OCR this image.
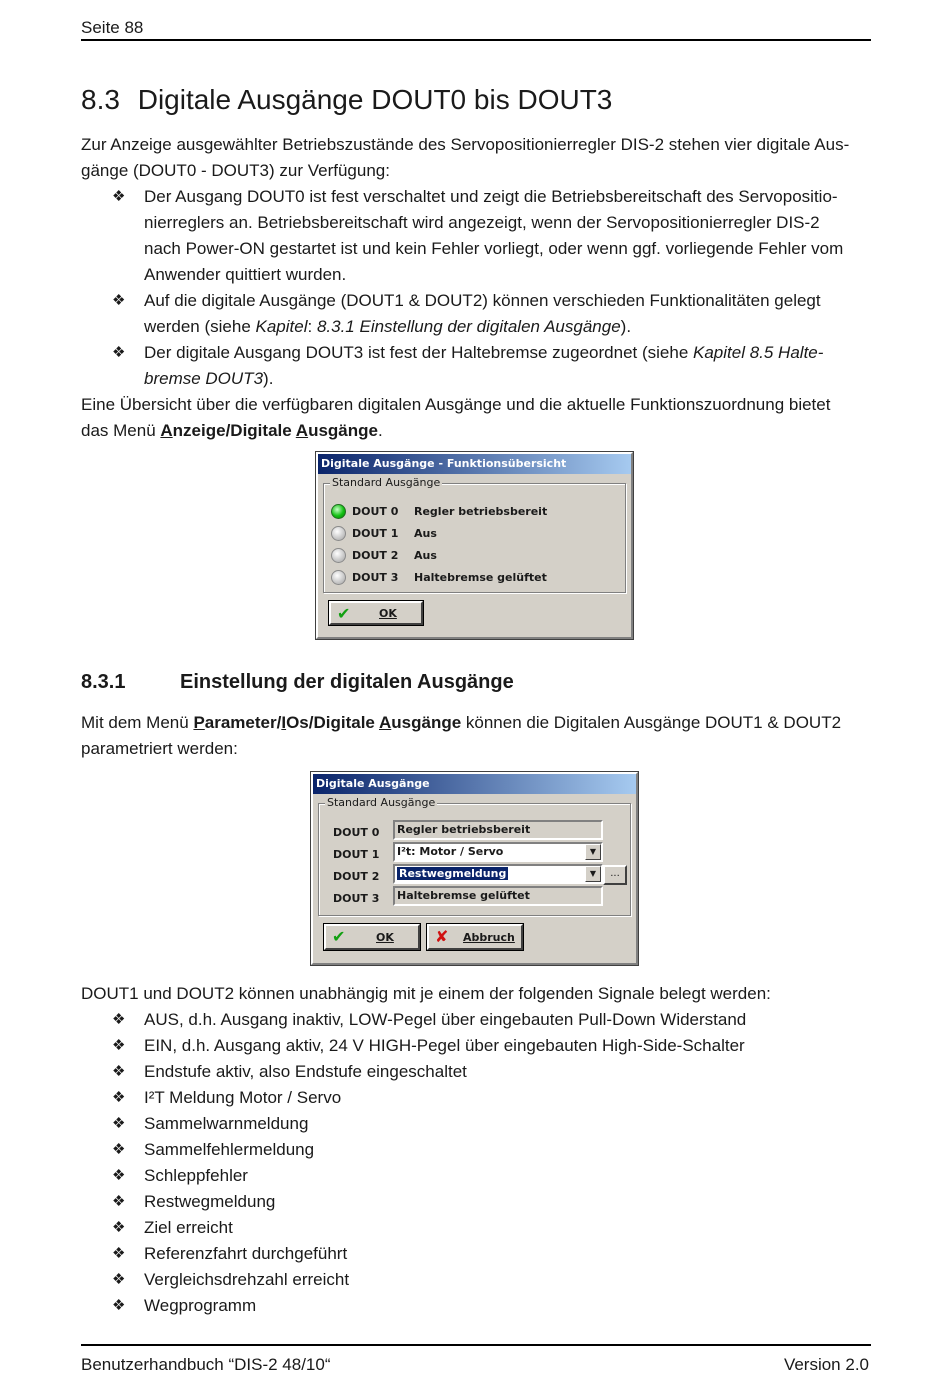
Seite 88
8.3 Digitale Ausgänge DOUT0 bis DOUT3
Zur Anzeige ausgewählter Betriebszustände des Servopositionierregler DIS-2 stehen vier digitale Aus-
gänge (DOUT0 - DOUT3) zur Verfügung:
❖	Der Ausgang DOUT0 ist fest verschaltet und zeigt die Betriebsbereitschaft des Servopositio-
nierreglers an. Betriebsbereitschaft wird angezeigt, wenn der Servopositionierregler DIS-2
nach Power-ON gestartet ist und kein Fehler vorliegt, oder wenn ggf. vorliegende Fehler vom
Anwender quittiert wurden.
❖	Auf die digitale Ausgänge (DOUT1 & DOUT2) können verschieden Funktionalitäten gelegt
werden (siehe Kapitel: 8.3.1 Einstellung der digitalen Ausgänge).
❖	Der digitale Ausgang DOUT3 ist fest der Haltebremse zugeordnet (siehe Kapitel 8.5 Halte-
bremse DOUT3).
Eine Übersicht über die verfügbaren digitalen Ausgänge und die aktuelle Funktionszuordnung bietet
das Menü Anzeige/Digitale Ausgänge.
Digitale Ausgänge - Funktionsübersicht
Standard Ausgänge
DOUT 0 Regler betriebsbereit
DOUT 1 Aus
DOUT 2 Aus
DOUT 3 Haltebremse gelüftet
✔	OK
8.3.1	Einstellung der digitalen Ausgänge
Mit dem Menü Parameter/IOs/Digitale Ausgänge können die Digitalen Ausgänge DOUT1 & DOUT2
parametriert werden:
Digitale Ausgänge
Standard Ausgänge
DOUT 0	Regler betriebsbereit
DOUT 1	I²t: Motor / Servo	▼
DOUT 2	Restwegmeldung	▼	...
DOUT 3	Haltebremse gelüftet
✔	OK	✘ Abbruch
DOUT1 und DOUT2 können unabhängig mit je einem der folgenden Signale belegt werden:
❖	AUS, d.h. Ausgang inaktiv, LOW-Pegel über eingebauten Pull-Down Widerstand
❖	EIN, d.h. Ausgang aktiv, 24 V HIGH-Pegel über eingebauten High-Side-Schalter
❖	Endstufe aktiv, also Endstufe eingeschaltet
❖	I²T Meldung Motor / Servo
❖	Sammelwarnmeldung
❖	Sammelfehlermeldung
❖	Schleppfehler
❖	Restwegmeldung
❖	Ziel erreicht
❖	Referenzfahrt durchgeführt
❖	Vergleichsdrehzahl erreicht
❖	Wegprogramm
Benutzerhandbuch “DIS-2 48/10“	Version 2.0
